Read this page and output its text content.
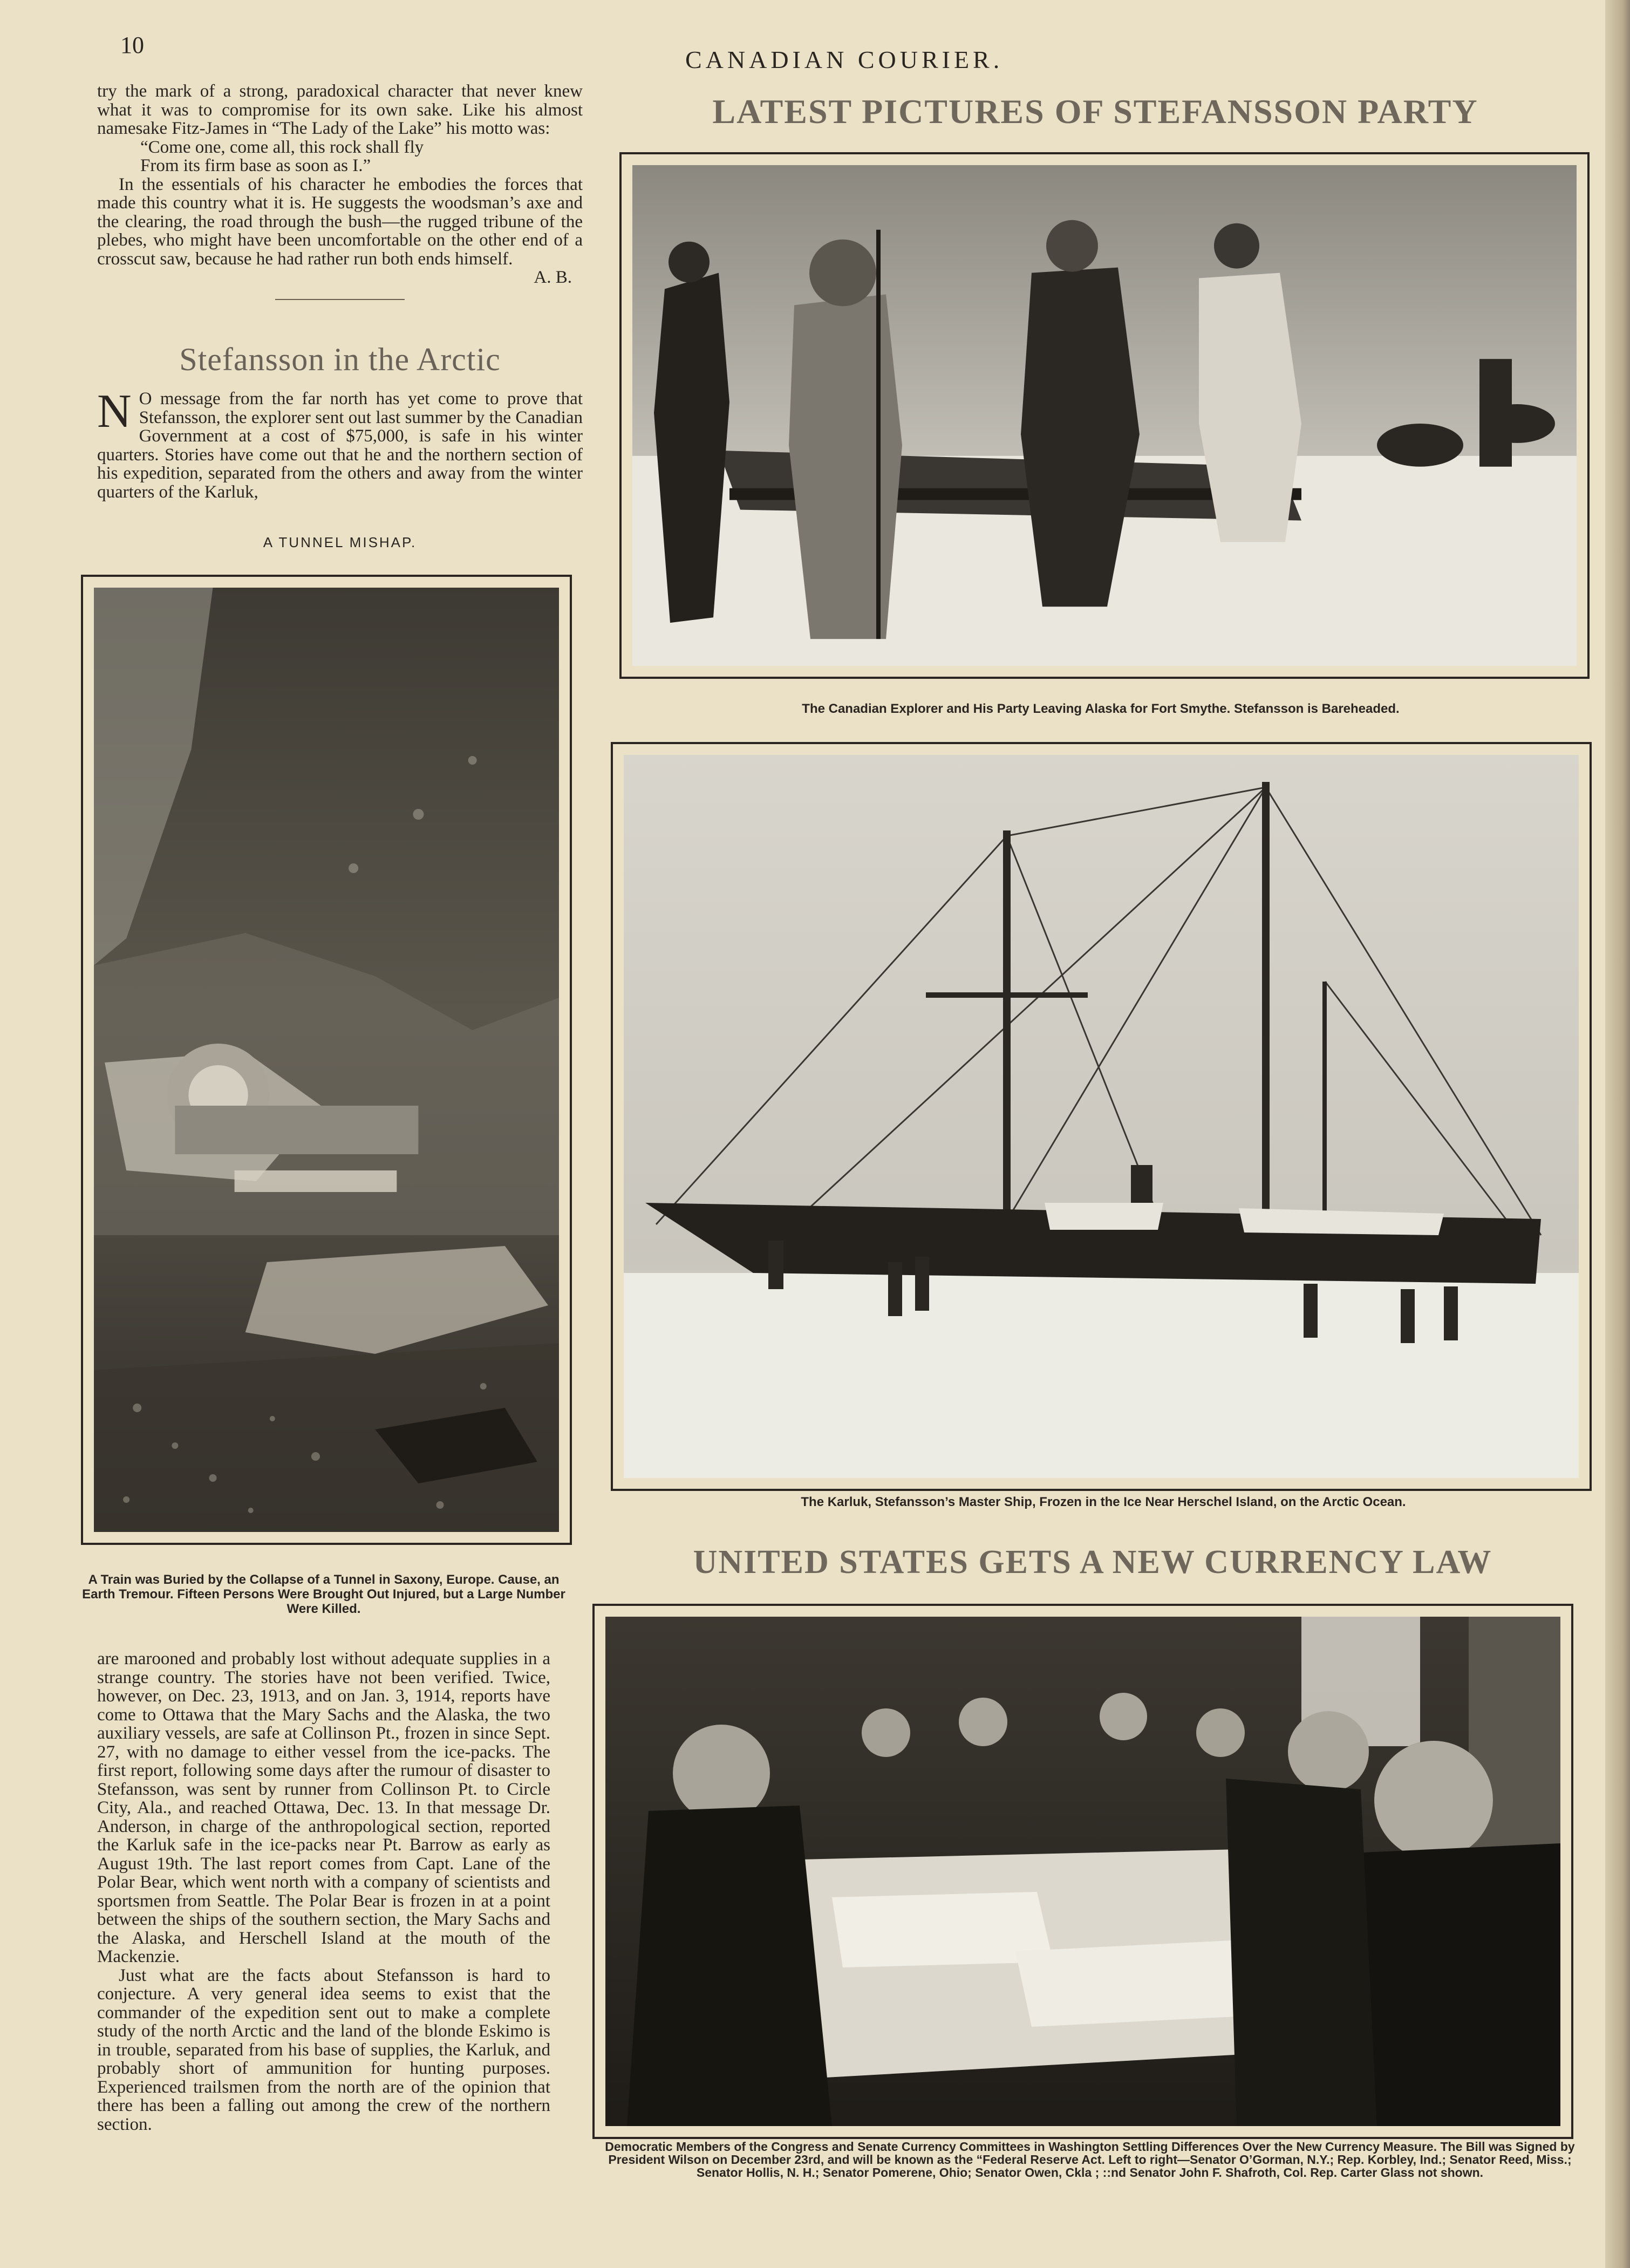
10
CANADIAN COURIER.

try the mark of a strong, paradoxical character that never knew what it was to compromise for its own sake. Like his almost namesake Fitz-James in “The Lady of the Lake” his motto was:

“Come one, come all, this rock shall fly
From its firm base as soon as I.”

In the essentials of his character he embodies the forces that made this country what it is. He suggests the woodsman’s axe and the clearing, the road through the bush—the rugged tribune of the plebes, who might have been uncomfortable on the other end of a crosscut saw, because he had rather run both ends himself.

A. B.
Stefansson in the Arctic
N O message from the far north has yet come to prove that Stefansson, the explorer sent out last summer by the Canadian Government at a cost of $75,000, is safe in his winter quarters. Stories have come out that he and the northern section of his expedition, separated from the others and away from the winter quarters of the Karluk,

A TUNNEL MISHAP.
A Train was Buried by the Collapse of a Tunnel in Saxony, Europe. Cause, an Earth Tremour. Fifteen Persons Were Brought Out Injured, but a Large Number Were Killed.

are marooned and probably lost without adequate supplies in a strange country. The stories have not been verified. Twice, however, on Dec. 23, 1913, and on Jan. 3, 1914, reports have come to Ottawa that the Mary Sachs and the Alaska, the two auxiliary vessels, are safe at Collinson Pt., frozen in since Sept. 27, with no damage to either vessel from the ice-packs. The first report, following some days after the rumour of disaster to Stefansson, was sent by runner from Collinson Pt. to Circle City, Ala., and reached Ottawa, Dec. 13. In that message Dr. Anderson, in charge of the anthropological section, reported the Karluk safe in the ice-packs near Pt. Barrow as early as August 19th. The last report comes from Capt. Lane of the Polar Bear, which went north with a company of scientists and sportsmen from Seattle. The Polar Bear is frozen in at a point between the ships of the southern section, the Mary Sachs and the Alaska, and Herschell Island at the mouth of the Mackenzie.

Just what are the facts about Stefansson is hard to conjecture. A very general idea seems to exist that the commander of the expedition sent out to make a complete study of the north Arctic and the land of the blonde Eskimo is in trouble, separated from his base of supplies, the Karluk, and probably short of ammunition for hunting purposes. Experienced trailsmen from the north are of the opinion that there has been a falling out among the crew of the northern section.

LATEST PICTURES OF STEFANSSON PARTY
The Canadian Explorer and His Party Leaving Alaska for Fort Smythe. Stefansson is Bareheaded.
The Karluk, Stefansson’s Master Ship, Frozen in the Ice Near Herschel Island, on the Arctic Ocean.
UNITED STATES GETS A NEW CURRENCY LAW
Democratic Members of the Congress and Senate Currency Committees in Washington Settling Differences Over the New Currency Measure. The Bill was Signed by President Wilson on December 23rd, and will be known as the “Federal Reserve Act. Left to right—Senator O’Gorman, N.Y.; Rep. Korbley, Ind.; Senator Reed, Miss.; Senator Hollis, N. H.; Senator Pomerene, Ohio; Senator Owen, Ckla ; ::nd Senator John F. Shafroth, Col. Rep. Carter Glass not shown.
